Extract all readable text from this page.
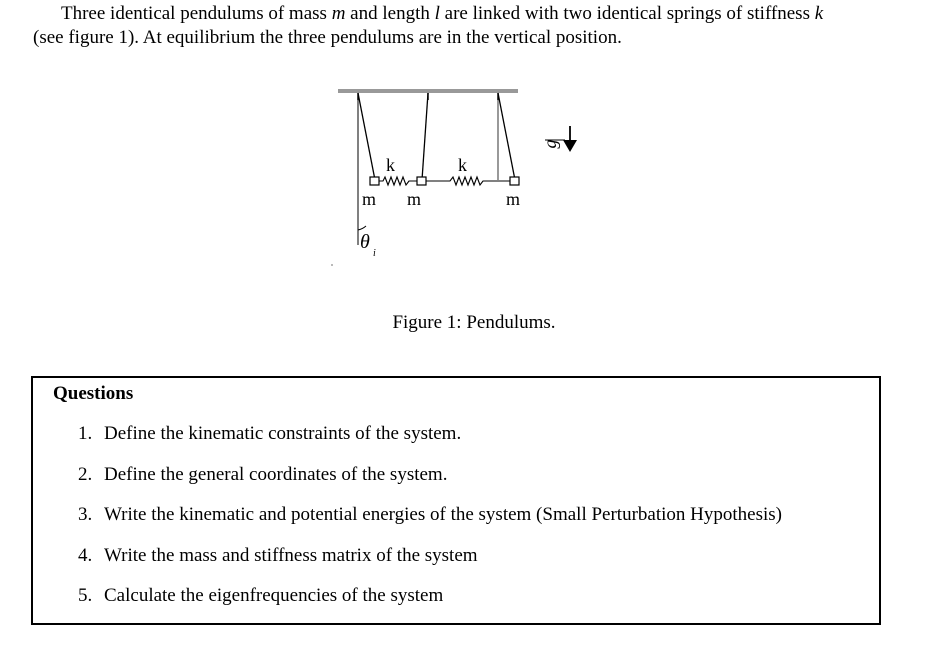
Three identical pendulums of mass m and length l are linked with two identical springs of stiffness k
(see figure 1). At equilibrium the three pendulums are in the vertical position.
k	k
m m	m
θ
i
g
Figure 1: Pendulums.
Questions
1. Define the kinematic constraints of the system.
2. Define the general coordinates of the system.
3. Write the kinematic and potential energies of the system (Small Perturbation Hypothesis)
4. Write the mass and stiffness matrix of the system
5. Calculate the eigenfrequencies of the system
